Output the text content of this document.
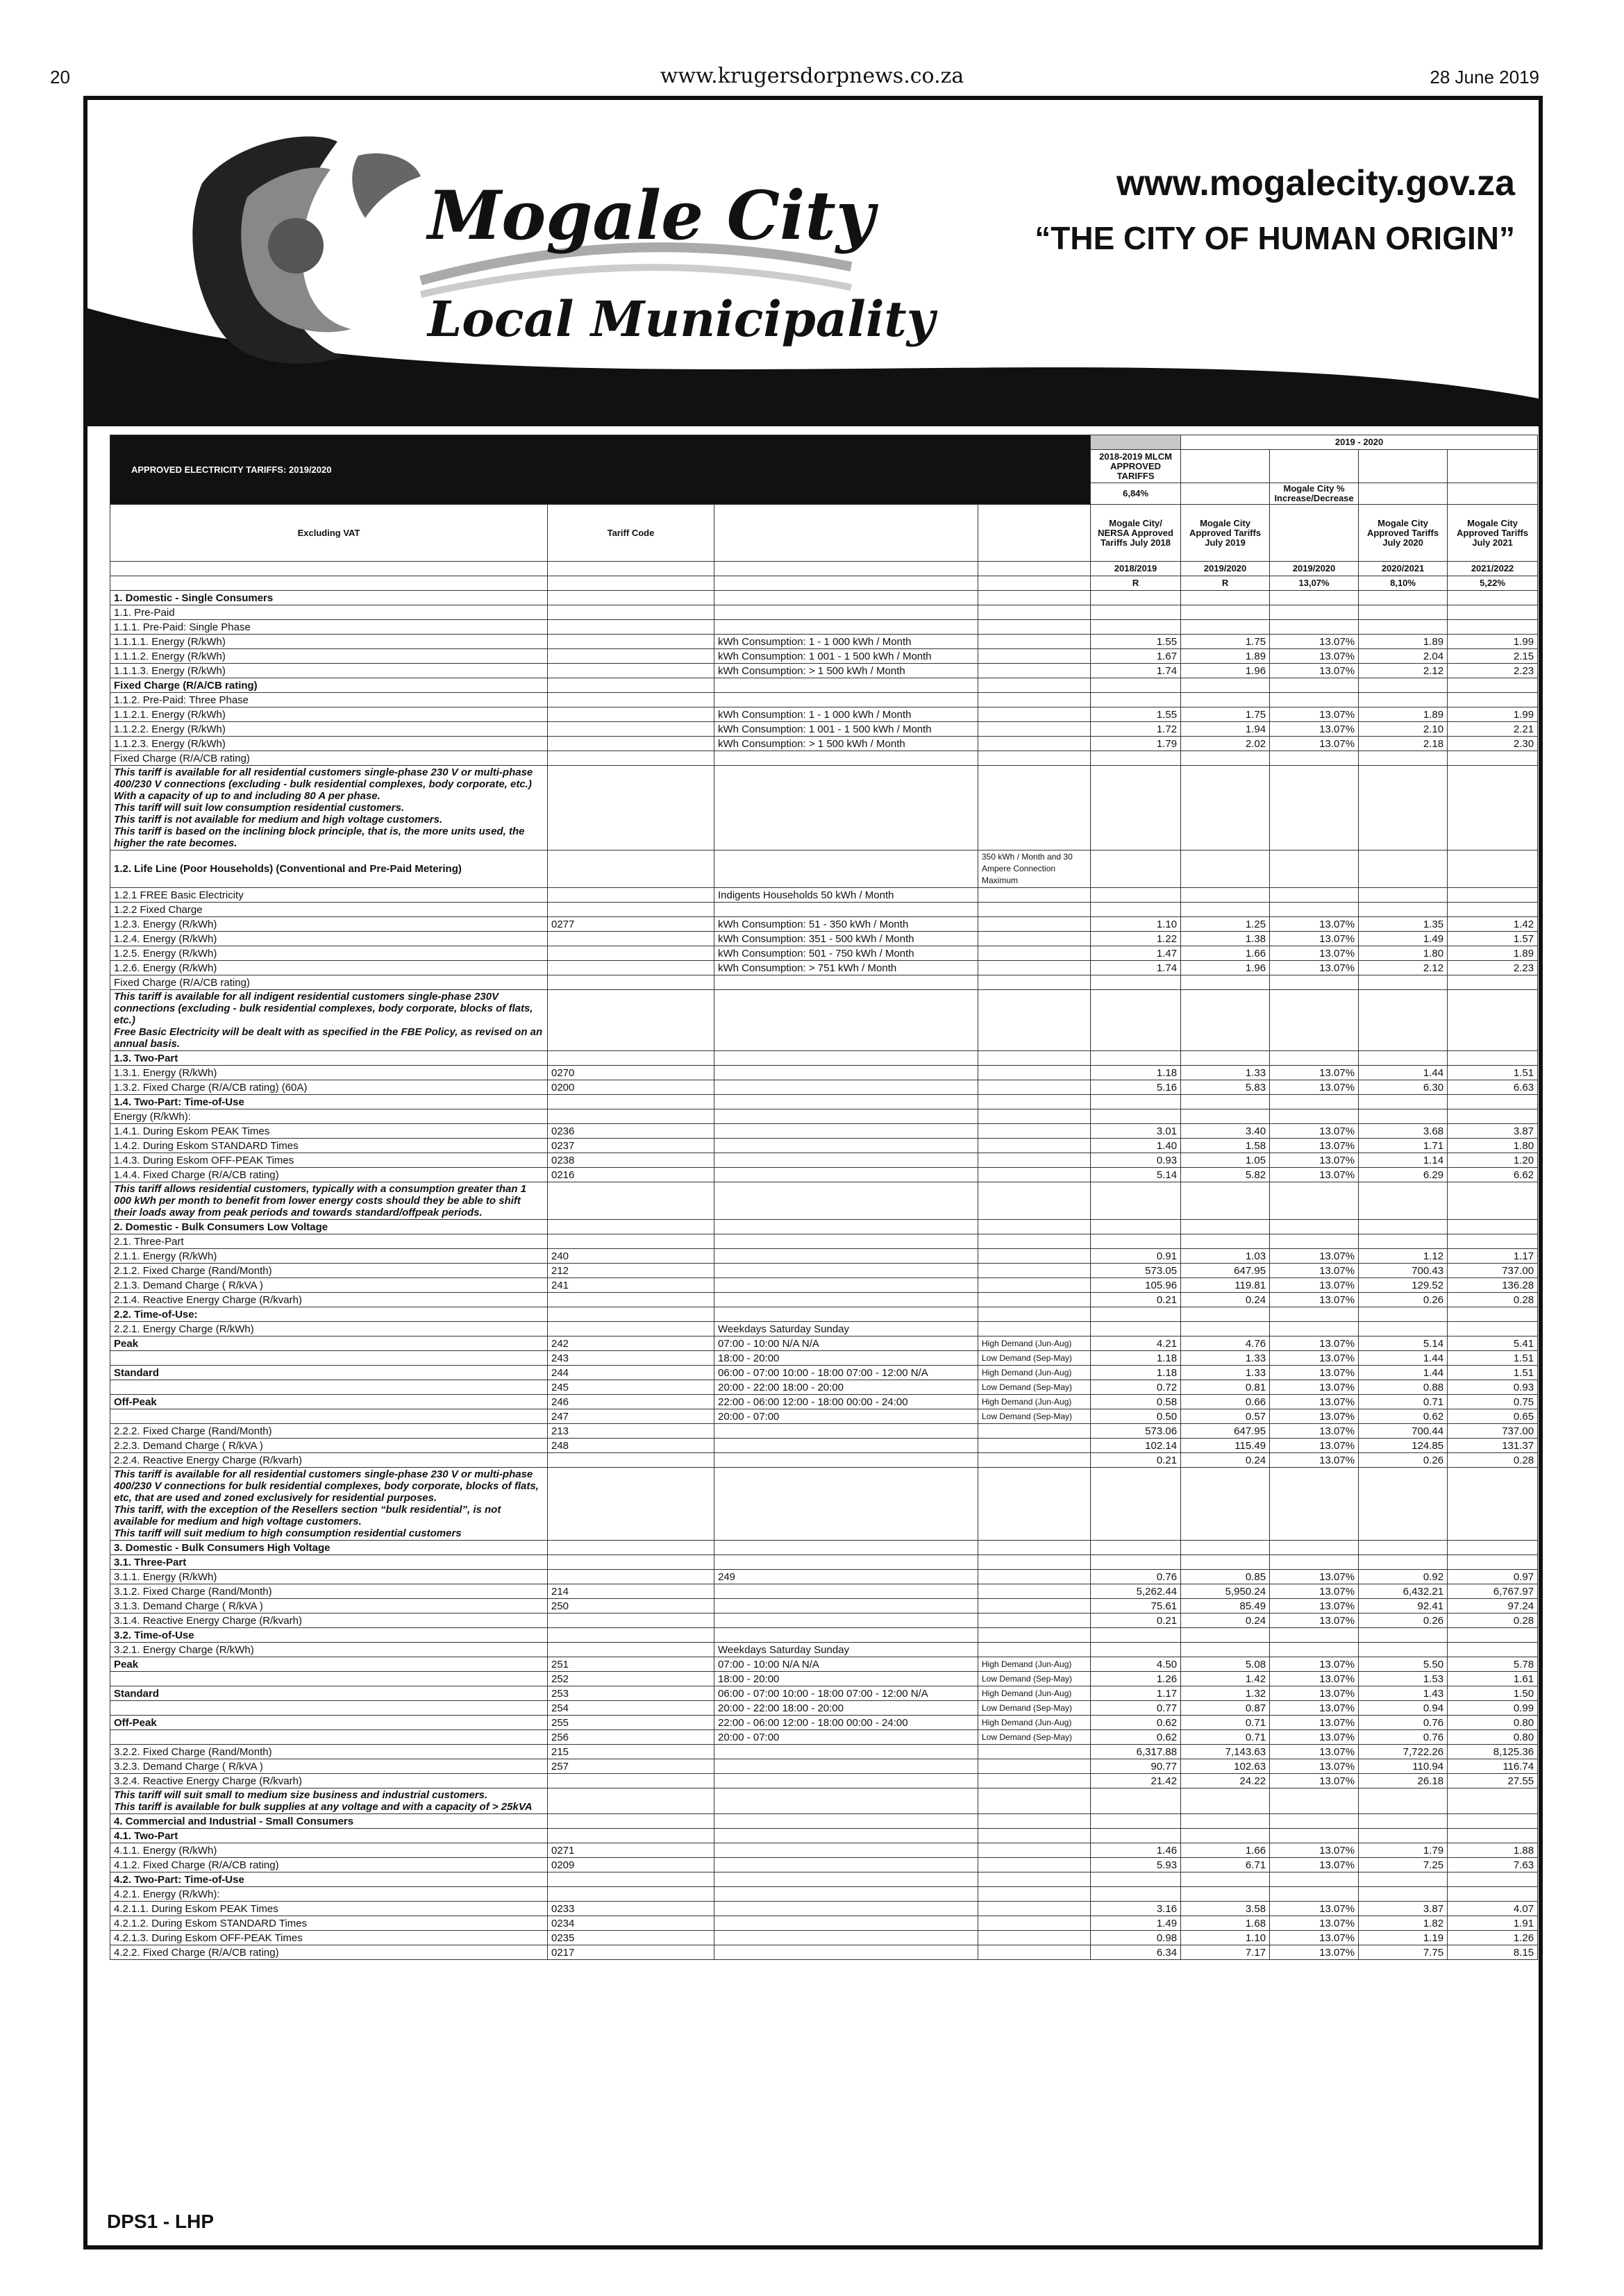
20	www.krugersdorpnews.co.za	28 June 2019
Mogale City
Local Municipality
www.mogalecity.gov.za
“THE CITY OF HUMAN ORIGIN”
APPROVED ELECTRICITY TARIFFS: 2019/2020					2019 - 2020			
				2018-2019 MLCM APPROVED TARIFFS				
				6,84%		Mogale City % Increase/Decrease		
Excluding VAT	Tariff Code			Mogale City/ NERSA Approved Tariffs July 2018	Mogale City Approved Tariffs July 2019		Mogale City Approved Tariffs July 2020	Mogale City Approved Tariffs July 2021
				2018/2019	2019/2020	2019/2020	2020/2021	2021/2022
				R	R	13,07%	8,10%	5,22%
1. Domestic - Single Consumers								
1.1. Pre-Paid								
1.1.1. Pre-Paid: Single Phase								
1.1.1.1. Energy (R/kWh)		kWh Consumption: 1 - 1 000 kWh / Month		1.55	1.75	13.07%	1.89	1.99
1.1.1.2. Energy (R/kWh)		kWh Consumption: 1 001 - 1 500 kWh / Month		1.67	1.89	13.07%	2.04	2.15
1.1.1.3. Energy (R/kWh)		kWh Consumption: > 1 500 kWh / Month		1.74	1.96	13.07%	2.12	2.23
Fixed Charge (R/A/CB rating)								
1.1.2. Pre-Paid: Three Phase								
1.1.2.1. Energy (R/kWh)		kWh Consumption: 1 - 1 000 kWh / Month		1.55	1.75	13.07%	1.89	1.99
1.1.2.2. Energy (R/kWh)		kWh Consumption: 1 001 - 1 500 kWh / Month		1.72	1.94	13.07%	2.10	2.21
1.1.2.3. Energy (R/kWh)		kWh Consumption: > 1 500 kWh / Month		1.79	2.02	13.07%	2.18	2.30
Fixed Charge (R/A/CB rating)								
This tariff is available for all residential customers single-phase 230 V or multi-phase 400/230 V connections (excluding - bulk residential complexes, body corporate, etc.)
With a capacity of up to and including 80 A per phase.
This tariff will suit low consumption residential customers.
This tariff is not available for medium and high voltage customers.
This tariff is based on the inclining block principle, that is, the more units used, the higher the rate becomes.								
1.2. Life Line (Poor Households) (Conventional and Pre-Paid Metering)			350 kWh / Month and 30 Ampere Connection Maximum					
1.2.1 FREE Basic Electricity		Indigents Households 50 kWh / Month						
1.2.2 Fixed Charge								
1.2.3. Energy (R/kWh)	0277	kWh Consumption: 51 - 350 kWh / Month		1.10	1.25	13.07%	1.35	1.42
1.2.4. Energy (R/kWh)		kWh Consumption: 351 - 500 kWh / Month		1.22	1.38	13.07%	1.49	1.57
1.2.5. Energy (R/kWh)		kWh Consumption: 501 - 750 kWh / Month		1.47	1.66	13.07%	1.80	1.89
1.2.6. Energy (R/kWh)		kWh Consumption: > 751 kWh / Month		1.74	1.96	13.07%	2.12	2.23
Fixed Charge (R/A/CB rating)								
This tariff is available for all indigent residential customers single-phase 230V connections (excluding - bulk residential complexes, body corporate, blocks of flats, etc.)
Free Basic Electricity will be dealt with as specified in the FBE Policy, as revised on an annual basis.								
1.3. Two-Part								
1.3.1. Energy (R/kWh)	0270			1.18	1.33	13.07%	1.44	1.51
1.3.2. Fixed Charge (R/A/CB rating) (60A)	0200			5.16	5.83	13.07%	6.30	6.63
1.4. Two-Part: Time-of-Use								
Energy (R/kWh):								
1.4.1. During Eskom PEAK Times	0236			3.01	3.40	13.07%	3.68	3.87
1.4.2. During Eskom STANDARD Times	0237			1.40	1.58	13.07%	1.71	1.80
1.4.3. During Eskom OFF-PEAK Times	0238			0.93	1.05	13.07%	1.14	1.20
1.4.4. Fixed Charge (R/A/CB rating)	0216			5.14	5.82	13.07%	6.29	6.62
This tariff allows residential customers, typically with a consumption greater than 1 000 kWh per month to benefit from lower energy costs should they be able to shift their loads away from peak periods and towards standard/offpeak periods.								
2. Domestic - Bulk Consumers Low Voltage								
2.1. Three-Part								
2.1.1. Energy (R/kWh)	240			0.91	1.03	13.07%	1.12	1.17
2.1.2. Fixed Charge (Rand/Month)	212			573.05	647.95	13.07%	700.43	737.00
2.1.3. Demand Charge ( R/kVA )	241			105.96	119.81	13.07%	129.52	136.28
2.1.4. Reactive Energy Charge (R/kvarh)				0.21	0.24	13.07%	0.26	0.28
2.2. Time-of-Use:								
2.2.1. Energy Charge (R/kWh)		Weekdays Saturday Sunday						
Peak	242	07:00 - 10:00 N/A N/A	High Demand (Jun-Aug)	4.21	4.76	13.07%	5.14	5.41
	243	18:00 - 20:00	Low Demand (Sep-May)	1.18	1.33	13.07%	1.44	1.51
Standard	244	06:00 - 07:00 10:00 - 18:00 07:00 - 12:00 N/A	High Demand (Jun-Aug)	1.18	1.33	13.07%	1.44	1.51
	245	20:00 - 22:00 18:00 - 20:00	Low Demand (Sep-May)	0.72	0.81	13.07%	0.88	0.93
Off-Peak	246	22:00 - 06:00 12:00 - 18:00 00:00 - 24:00	High Demand (Jun-Aug)	0.58	0.66	13.07%	0.71	0.75
	247	20:00 - 07:00	Low Demand (Sep-May)	0.50	0.57	13.07%	0.62	0.65
2.2.2. Fixed Charge (Rand/Month)	213			573.06	647.95	13.07%	700.44	737.00
2.2.3. Demand Charge ( R/kVA )	248			102.14	115.49	13.07%	124.85	131.37
2.2.4. Reactive Energy Charge (R/kvarh)				0.21	0.24	13.07%	0.26	0.28
This tariff is available for all residential customers single-phase 230 V or multi-phase 400/230 V connections for bulk residential complexes, body corporate, blocks of flats, etc, that are used and zoned exclusively for residential purposes.
This tariff, with the exception of the Resellers section “bulk residential”, is not available for medium and high voltage customers.
This tariff will suit medium to high consumption residential customers								
3. Domestic - Bulk Consumers High Voltage								
3.1. Three-Part								
3.1.1. Energy (R/kWh)		249		0.76	0.85	13.07%	0.92	0.97
3.1.2. Fixed Charge (Rand/Month)	214			5,262.44	5,950.24	13.07%	6,432.21	6,767.97
3.1.3. Demand Charge ( R/kVA )	250			75.61	85.49	13.07%	92.41	97.24
3.1.4. Reactive Energy Charge (R/kvarh)				0.21	0.24	13.07%	0.26	0.28
3.2. Time-of-Use								
3.2.1. Energy Charge (R/kWh)		Weekdays Saturday Sunday						
Peak	251	07:00 - 10:00 N/A N/A	High Demand (Jun-Aug)	4.50	5.08	13.07%	5.50	5.78
	252	18:00 - 20:00	Low Demand (Sep-May)	1.26	1.42	13.07%	1.53	1.61
Standard	253	06:00 - 07:00 10:00 - 18:00 07:00 - 12:00 N/A	High Demand (Jun-Aug)	1.17	1.32	13.07%	1.43	1.50
	254	20:00 - 22:00 18:00 - 20:00	Low Demand (Sep-May)	0.77	0.87	13.07%	0.94	0.99
Off-Peak	255	22:00 - 06:00 12:00 - 18:00 00:00 - 24:00	High Demand (Jun-Aug)	0.62	0.71	13.07%	0.76	0.80
	256	20:00 - 07:00	Low Demand (Sep-May)	0.62	0.71	13.07%	0.76	0.80
3.2.2. Fixed Charge (Rand/Month)	215			6,317.88	7,143.63	13.07%	7,722.26	8,125.36
3.2.3. Demand Charge ( R/kVA )	257			90.77	102.63	13.07%	110.94	116.74
3.2.4. Reactive Energy Charge (R/kvarh)				21.42	24.22	13.07%	26.18	27.55
This tariff will suit small to medium size business and industrial customers.
This tariff is available for bulk supplies at any voltage and with a capacity of > 25kVA								
4. Commercial and Industrial - Small Consumers								
4.1. Two-Part								
4.1.1. Energy (R/kWh)	0271			1.46	1.66	13.07%	1.79	1.88
4.1.2. Fixed Charge (R/A/CB rating)	0209			5.93	6.71	13.07%	7.25	7.63
4.2. Two-Part: Time-of-Use								
4.2.1. Energy (R/kWh):								
4.2.1.1. During Eskom PEAK Times	0233			3.16	3.58	13.07%	3.87	4.07
4.2.1.2. During Eskom STANDARD Times	0234			1.49	1.68	13.07%	1.82	1.91
4.2.1.3. During Eskom OFF-PEAK Times	0235			0.98	1.10	13.07%	1.19	1.26
4.2.2. Fixed Charge (R/A/CB rating)	0217			6.34	7.17	13.07%	7.75	8.15
DPS1 - LHP
